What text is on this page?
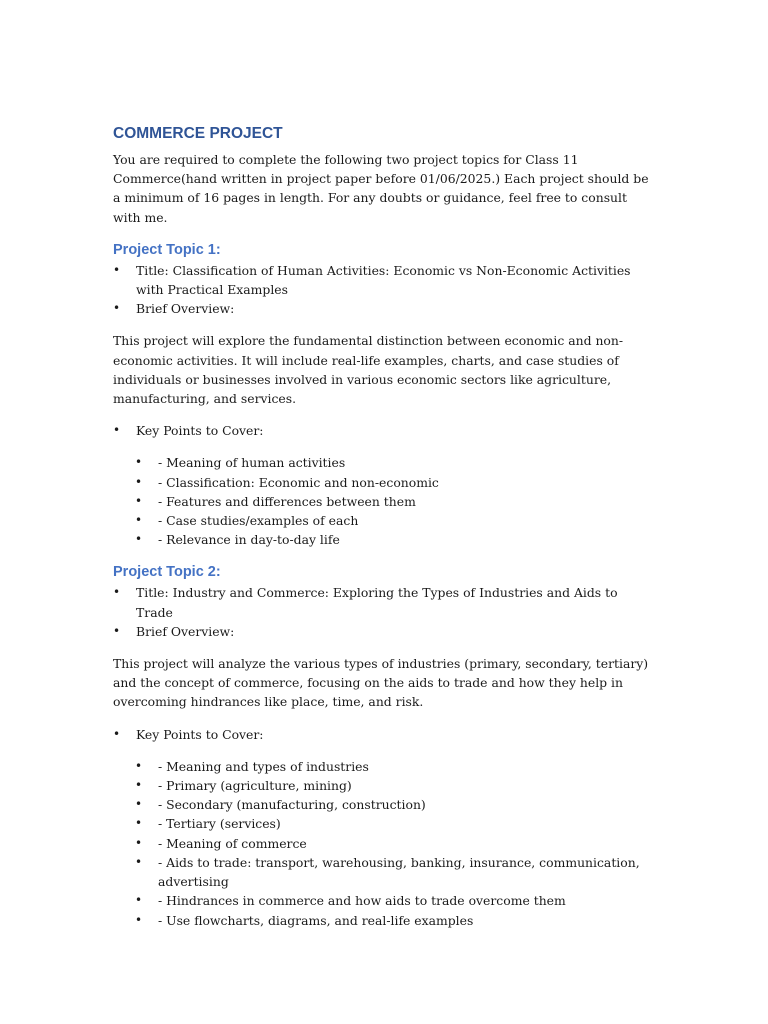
COMMERCE PROJECT

You are required to complete the following two project topics for Class 11 Commerce(hand written in project paper before 01/06/2025.) Each project should be a minimum of 16 pages in length. For any doubts or guidance, feel free to consult with me.

Project Topic 1:
• Title: Classification of Human Activities: Economic vs Non-Economic Activities with Practical Examples
• Brief Overview:

This project will explore the fundamental distinction between economic and non-economic activities. It will include real-life examples, charts, and case studies of individuals or businesses involved in various economic sectors like agriculture, manufacturing, and services.

• Key Points to Cover:
• - Meaning of human activities
• - Classification: Economic and non-economic
• - Features and differences between them
• - Case studies/examples of each
• - Relevance in day-to-day life
Project Topic 2:
• Title: Industry and Commerce: Exploring the Types of Industries and Aids to Trade
• Brief Overview:

This project will analyze the various types of industries (primary, secondary, tertiary) and the concept of commerce, focusing on the aids to trade and how they help in overcoming hindrances like place, time, and risk.

• Key Points to Cover:
• - Meaning and types of industries
• - Primary (agriculture, mining)
• - Secondary (manufacturing, construction)
• - Tertiary (services)
• - Meaning of commerce
• - Aids to trade: transport, warehousing, banking, insurance, communication, advertising
• - Hindrances in commerce and how aids to trade overcome them
• - Use flowcharts, diagrams, and real-life examples
